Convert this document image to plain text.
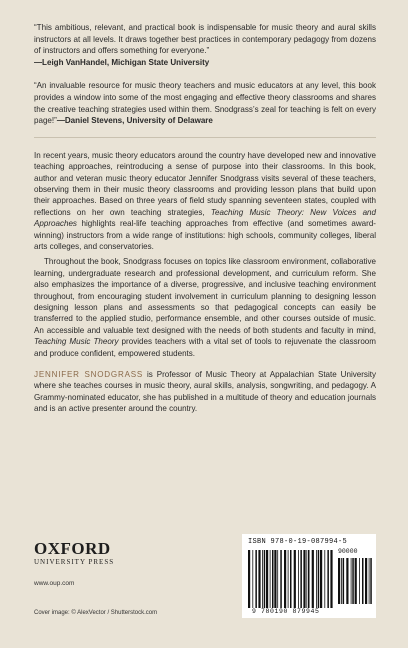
“This ambitious, relevant, and practical book is indispensable for music theory and aural skills instructors at all levels. It draws together best practices in contemporary pedagogy from dozens of instructors and offers something for everyone.”
—Leigh VanHandel, Michigan State University

“An invaluable resource for music theory teachers and music educators at any level, this book provides a window into some of the most engaging and effective theory classrooms and shares the creative teaching strategies used within them. Snodgrass’s zeal for teaching is felt on every page!”—Daniel Stevens, University of Delaware

In recent years, music theory educators around the country have developed new and innovative teaching approaches, reintroducing a sense of purpose into their classrooms. In this book, author and veteran music theory educator Jennifer Snodgrass visits several of these teachers, observing them in their music theory classrooms and providing lesson plans that build upon their approaches. Based on three years of field study spanning seventeen states, coupled with reflections on her own teaching strategies, Teaching Music Theory: New Voices and Approaches highlights real-life teaching approaches from effective (and sometimes award-winning) instructors from a wide range of institutions: high schools, community colleges, liberal arts colleges, and conservatories.

Throughout the book, Snodgrass focuses on topics like classroom environment, collaborative learning, undergraduate research and professional development, and curriculum reform. She also emphasizes the importance of a diverse, progressive, and inclusive teaching environment throughout, from encouraging student involvement in curriculum planning to designing lesson designing lesson plans and assessments so that pedagogical concepts can easily be transferred to the applied studio, performance ensemble, and other courses outside of music. An accessible and valuable text designed with the needs of both students and faculty in mind, Teaching Music Theory provides teachers with a vital set of tools to rejuvenate the classroom and produce confident, empowered students.

JENNIFER SNODGRASS is Professor of Music Theory at Appalachian State University where she teaches courses in music theory, aural skills, analysis, songwriting, and pedagogy. A Grammy-nominated educator, she has published in a multitude of theory and education journals and is an active presenter around the country.

OXFORD
UNIVERSITY PRESS
www.oup.com
Cover image: © AlexVector / Shutterstock.com
ISBN 978-0-19-087994-5
90000
9 780190 879945
